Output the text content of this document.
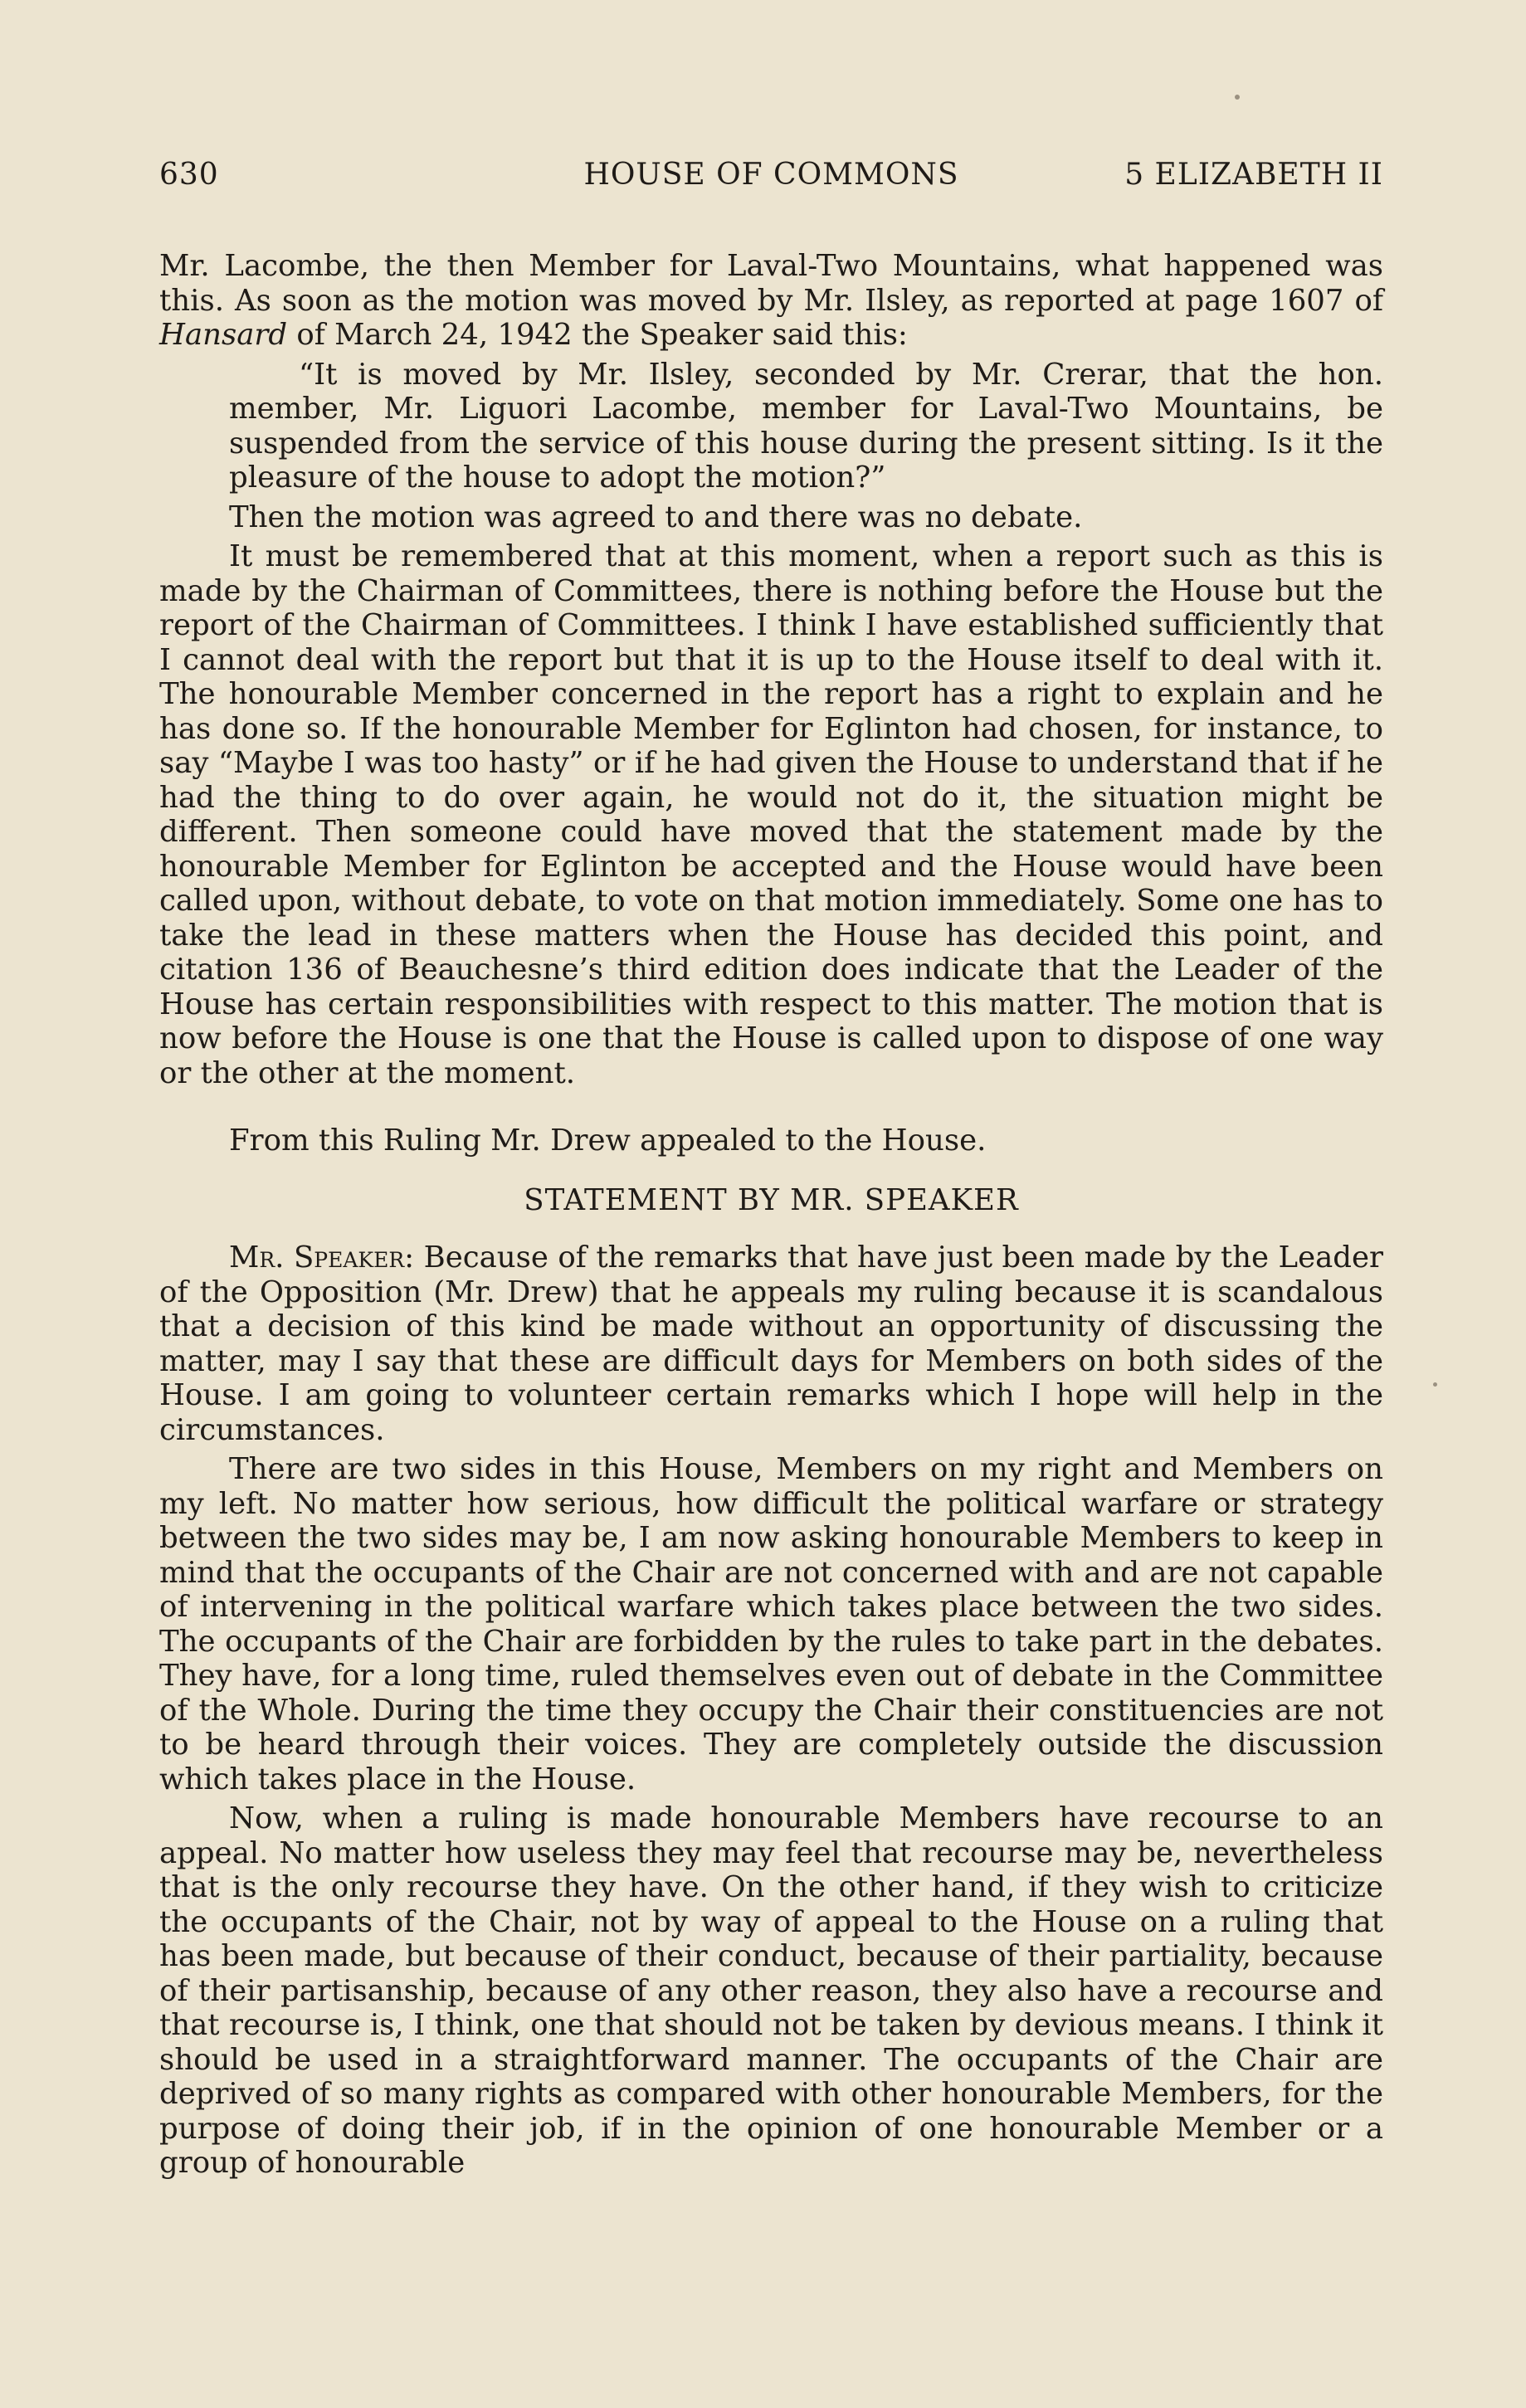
630	HOUSE OF COMMONS	5 ELIZABETH II

Mr. Lacombe, the then Member for Laval-Two Mountains, what happened was this. As soon as the motion was moved by Mr. Ilsley, as reported at page 1607 of Hansard of March 24, 1942 the Speaker said this:

“It is moved by Mr. Ilsley, seconded by Mr. Crerar, that the hon. member, Mr. Liguori Lacombe, member for Laval-Two Mountains, be suspended from the service of this house during the present sitting. Is it the pleasure of the house to adopt the motion?”

Then the motion was agreed to and there was no debate.

It must be remembered that at this moment, when a report such as this is made by the Chairman of Committees, there is nothing before the House but the report of the Chairman of Committees. I think I have established sufficiently that I cannot deal with the report but that it is up to the House itself to deal with it. The honourable Member concerned in the report has a right to explain and he has done so. If the honourable Member for Eglinton had chosen, for instance, to say “Maybe I was too hasty” or if he had given the House to understand that if he had the thing to do over again, he would not do it, the situation might be different. Then someone could have moved that the statement made by the honourable Member for Eglinton be accepted and the House would have been called upon, without debate, to vote on that motion immediately. Some one has to take the lead in these matters when the House has decided this point, and citation 136 of Beauchesne’s third edition does indicate that the Leader of the House has certain responsibilities with respect to this matter. The motion that is now before the House is one that the House is called upon to dispose of one way or the other at the moment.

From this Ruling Mr. Drew appealed to the House.

STATEMENT BY MR. SPEAKER

Mr. Speaker: Because of the remarks that have just been made by the Leader of the Opposition (Mr. Drew) that he appeals my ruling because it is scandalous that a decision of this kind be made without an opportunity of discussing the matter, may I say that these are difficult days for Members on both sides of the House. I am going to volunteer certain remarks which I hope will help in the circumstances.

There are two sides in this House, Members on my right and Members on my left. No matter how serious, how difficult the political warfare or strategy between the two sides may be, I am now asking honourable Members to keep in mind that the occupants of the Chair are not concerned with and are not capable of intervening in the political warfare which takes place between the two sides. The occupants of the Chair are forbidden by the rules to take part in the debates. They have, for a long time, ruled themselves even out of debate in the Committee of the Whole. During the time they occupy the Chair their constituencies are not to be heard through their voices. They are completely outside the discussion which takes place in the House.

Now, when a ruling is made honourable Members have recourse to an appeal. No matter how useless they may feel that recourse may be, nevertheless that is the only recourse they have. On the other hand, if they wish to criticize the occupants of the Chair, not by way of appeal to the House on a ruling that has been made, but because of their conduct, because of their partiality, because of their partisanship, because of any other reason, they also have a recourse and that recourse is, I think, one that should not be taken by devious means. I think it should be used in a straightforward manner. The occupants of the Chair are deprived of so many rights as compared with other honourable Members, for the purpose of doing their job, if in the opinion of one honourable Member or a group of honourable
